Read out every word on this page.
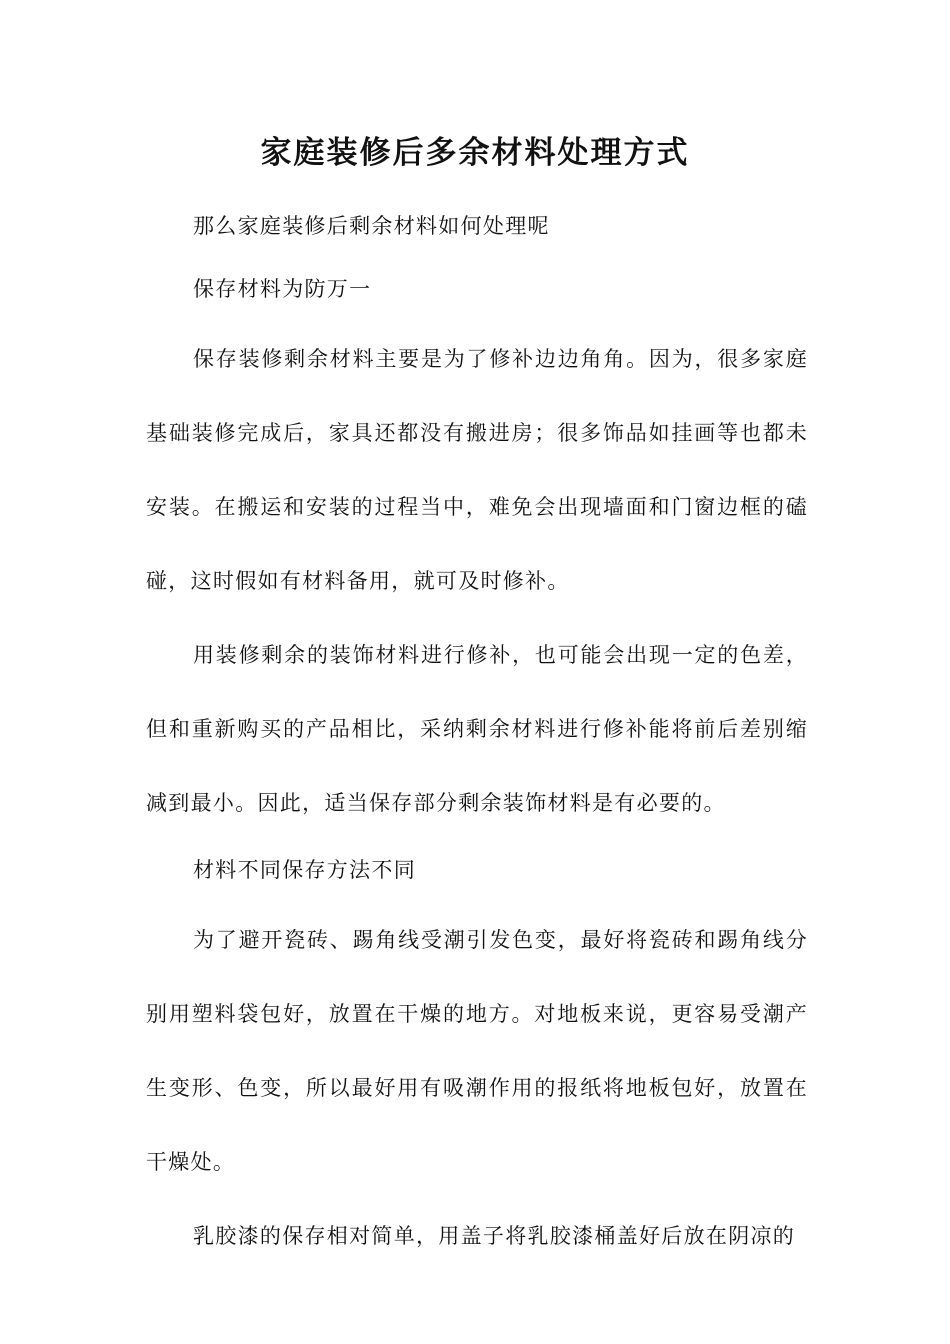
家庭装修后多余材料处理方式

那么家庭装修后剩余材料如何处理呢

保存材料为防万一

保存装修剩余材料主要是为了修补边边角角。因为，很多家庭基础装修完成后，家具还都没有搬进房；很多饰品如挂画等也都未安装。在搬运和安装的过程当中，难免会出现墙面和门窗边框的磕碰，这时假如有材料备用，就可及时修补。

用装修剩余的装饰材料进行修补，也可能会出现一定的色差，但和重新购买的产品相比，采纳剩余材料进行修补能将前后差别缩减到最小。因此，适当保存部分剩余装饰材料是有必要的。

材料不同保存方法不同

为了避开瓷砖、踢角线受潮引发色变，最好将瓷砖和踢角线分别用塑料袋包好，放置在干燥的地方。对地板来说，更容易受潮产生变形、色变，所以最好用有吸潮作用的报纸将地板包好，放置在干燥处。

乳胶漆的保存相对简单，用盖子将乳胶漆桶盖好后放在阴凉的
